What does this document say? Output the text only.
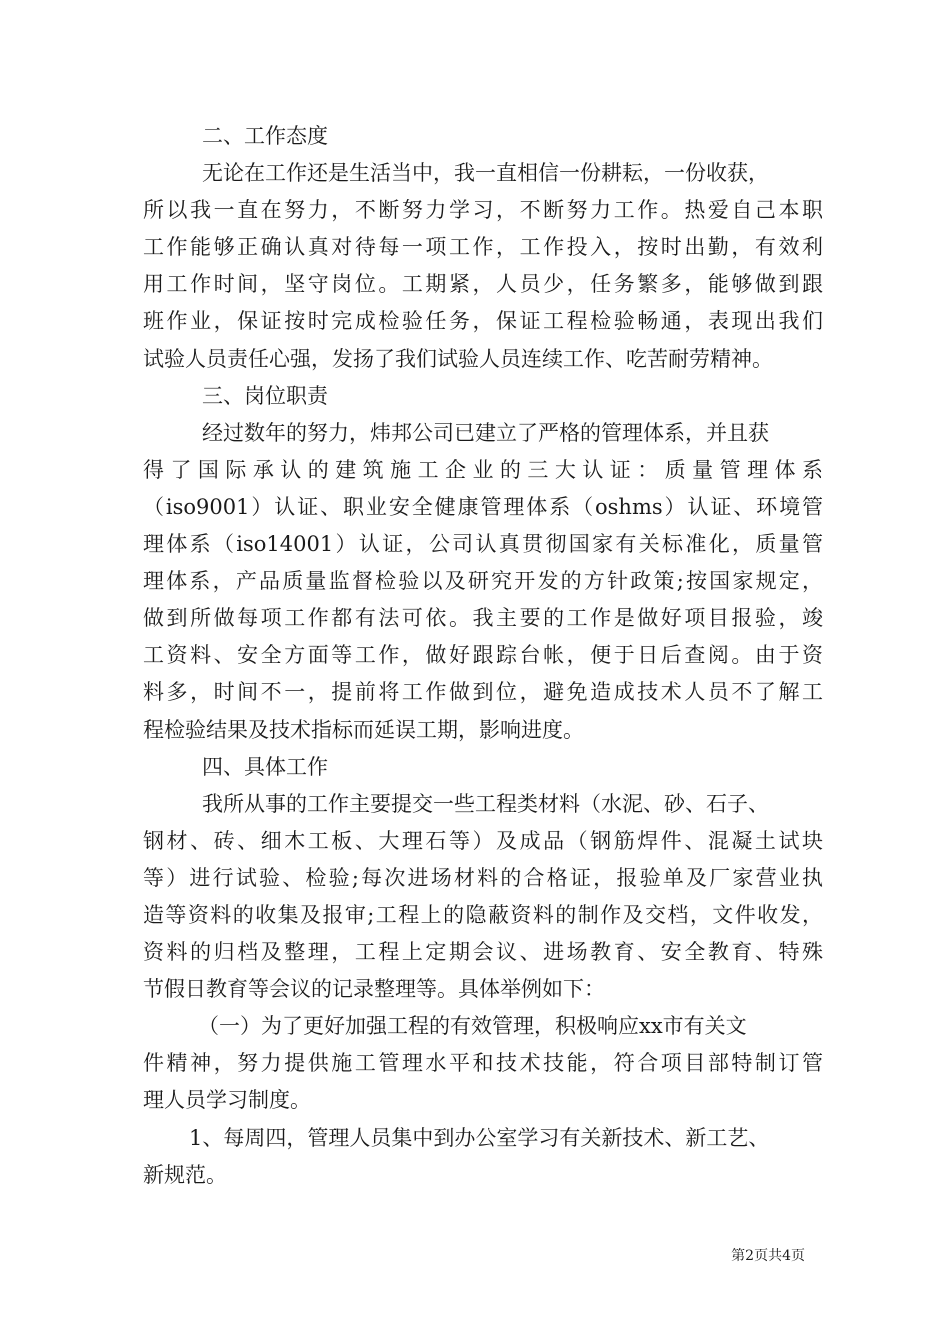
二、工作态度
无论在工作还是生活当中，我一直相信一份耕耘，一份收获，
所以我一直在努力，不断努力学习，不断努力工作。热爱自己本职
工作能够正确认真对待每一项工作，工作投入，按时出勤，有效利
用工作时间，坚守岗位。工期紧，人员少，任务繁多，能够做到跟
班作业，保证按时完成检验任务，保证工程检验畅通，表现出我们
试验人员责任心强，发扬了我们试验人员连续工作、吃苦耐劳精神。
三、岗位职责
经过数年的努力，炜邦公司已建立了严格的管理体系，并且获
得了国际承认的建筑施工企业的三大认证：质量管理体系
（iso9001）认证、职业安全健康管理体系（oshms）认证、环境管
理体系（iso14001）认证，公司认真贯彻国家有关标准化，质量管
理体系，产品质量监督检验以及研究开发的方针政策;按国家规定，
做到所做每项工作都有法可依。我主要的工作是做好项目报验，竣
工资料、安全方面等工作，做好跟踪台帐，便于日后查阅。由于资
料多，时间不一，提前将工作做到位，避免造成技术人员不了解工
程检验结果及技术指标而延误工期，影响进度。
四、具体工作
我所从事的工作主要提交一些工程类材料（水泥、砂、石子、
钢材、砖、细木工板、大理石等）及成品（钢筋焊件、混凝土试块
等）进行试验、检验;每次进场材料的合格证，报验单及厂家营业执
造等资料的收集及报审;工程上的隐蔽资料的制作及交档，文件收发，
资料的归档及整理，工程上定期会议、进场教育、安全教育、特殊
节假日教育等会议的记录整理等。具体举例如下：
（一）为了更好加强工程的有效管理，积极响应xx市有关文
件精神，努力提供施工管理水平和技术技能，符合项目部特制订管
理人员学习制度。
1、每周四，管理人员集中到办公室学习有关新技术、新工艺、
新规范。
第2页共4页
